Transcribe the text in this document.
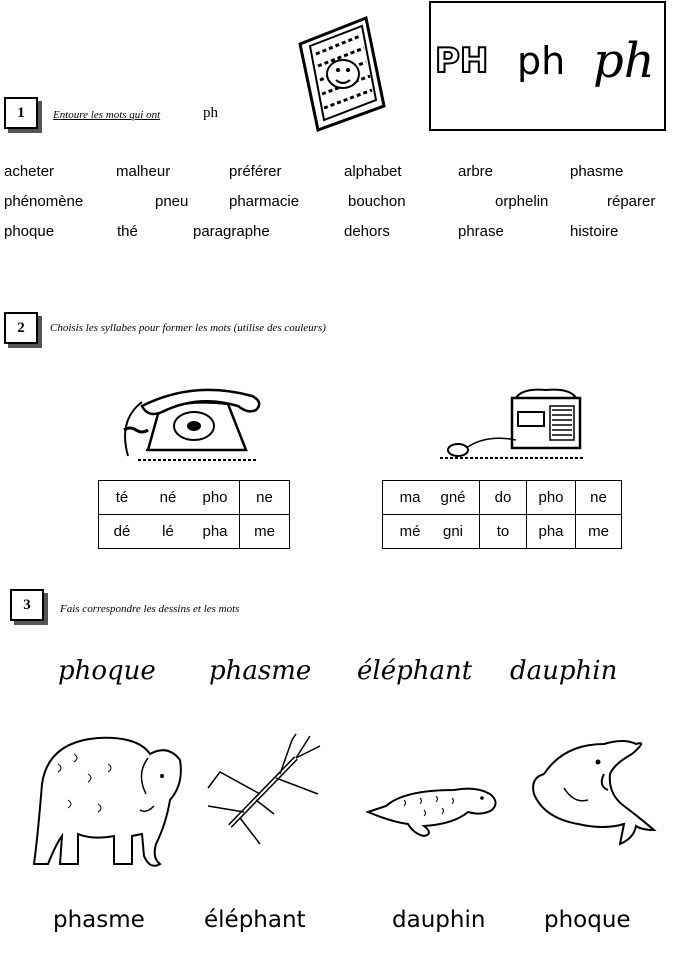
PH ph ph
1	Entoure les mots qui ont	ph
acheter	malheur	préférer	alphabet	arbre	phasme
phénomène	pneu	pharmacie	bouchon	orphelin	réparer
phoque	thé	paragraphe	dehors	phrase	histoire
2	Choisis les syllabes pour former les mots (utilise des couleurs)
té né pho	ne
dé lé pha	me
ma gné	do	pho	ne
mé gni	to	pha	me
3	Fais correspondre les dessins et les mots
phoque phasme éléphant dauphin
phasme	éléphant	dauphin	phoque
